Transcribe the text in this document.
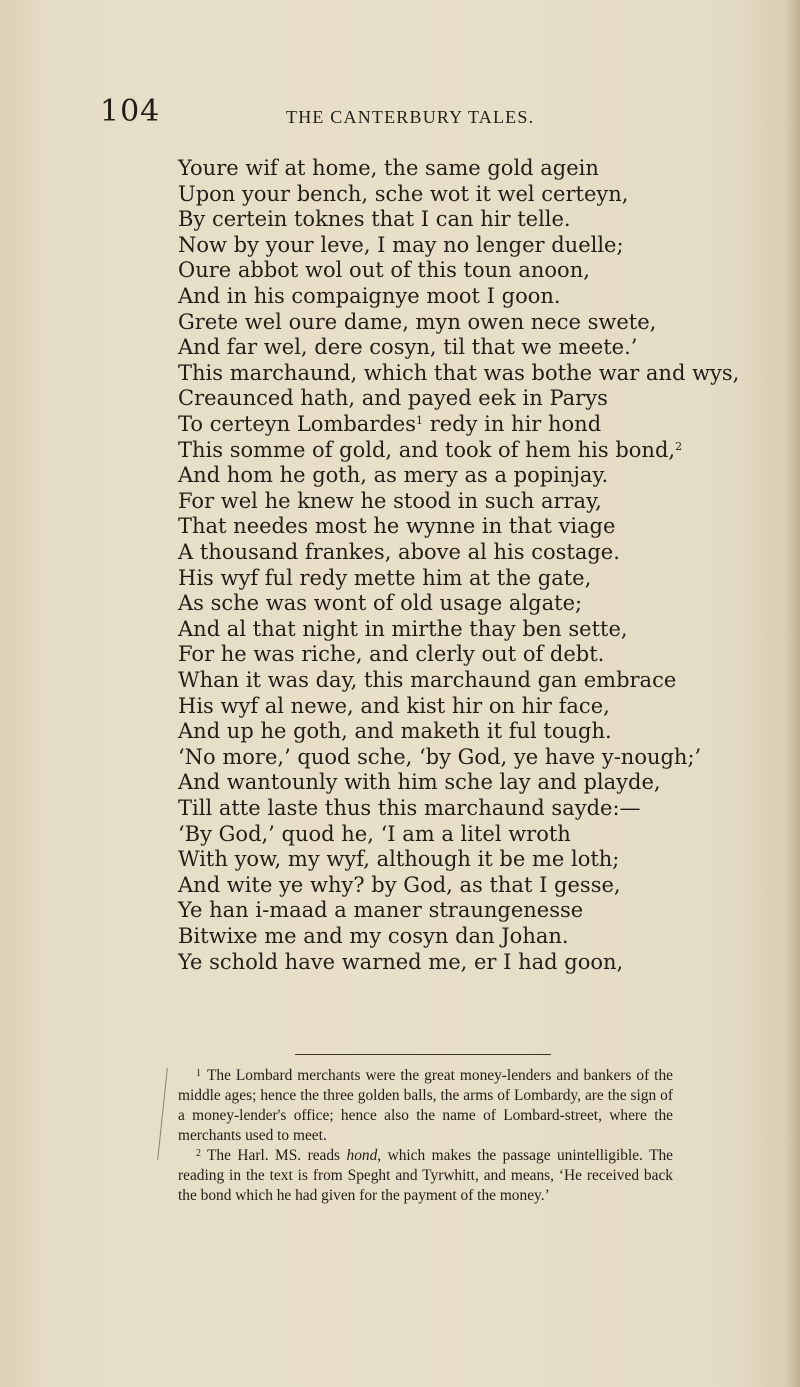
104	THE CANTERBURY TALES.
Youre wif at home, the same gold agein
Upon your bench, sche wot it wel certeyn,
By certein toknes that I can hir telle.
Now by your leve, I may no lenger duelle;
Oure abbot wol out of this toun anoon,
And in his compaignye moot I goon.
Grete wel oure dame, myn owen nece swete,
And far wel, dere cosyn, til that we meete.’
This marchaund, which that was bothe war and wys,
Creaunced hath, and payed eek in Parys
To certeyn Lombardes$^1$ redy in hir hond
This somme of gold, and took of hem his bond,$^2$
And hom he goth, as mery as a popinjay.
For wel he knew he stood in such array,
That needes most he wynne in that viage
A thousand frankes, above al his costage.
His wyf ful redy mette him at the gate,
As sche was wont of old usage algate;
And al that night in mirthe thay ben sette,
For he was riche, and clerly out of debt.
Whan it was day, this marchaund gan embrace
His wyf al newe, and kist hir on hir face,
And up he goth, and maketh it ful tough.
‘No more,’ quod sche, ‘by God, ye have y-nough;’
And wantounly with him sche lay and playde,
Till atte laste thus this marchaund sayde:—
‘By God,’ quod he, ‘I am a litel wroth
With yow, my wyf, although it be me loth;
And wite ye why? by God, as that I gesse,
Ye han i-maad a maner straungenesse
Bitwixe me and my cosyn dan Johan.
Ye schold have warned me, er I had goon,

$^1$ The Lombard merchants were the great money-lenders and bankers of the middle ages; hence the three golden balls, the arms of Lombardy, are the sign of a money-lender's office; hence also the name of Lombard-street, where the merchants used to meet.

$^2$ The Harl. MS. reads hond, which makes the passage unintelligible. The reading in the text is from Speght and Tyrwhitt, and means, ‘He received back the bond which he had given for the payment of the money.’
